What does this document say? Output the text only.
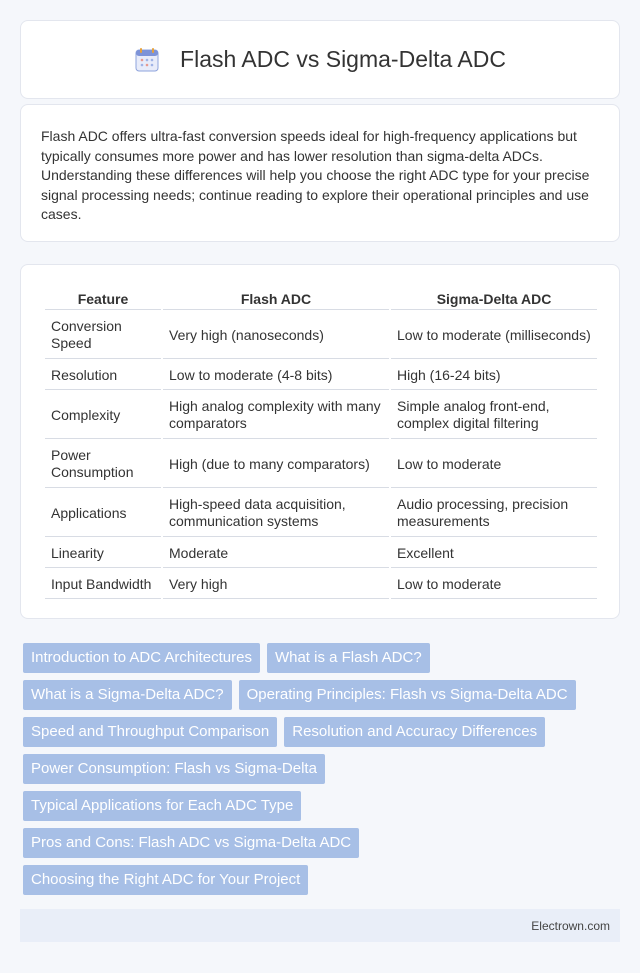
Flash ADC vs Sigma-Delta ADC

Flash ADC offers ultra-fast conversion speeds ideal for high-frequency applications but typically consumes more power and has lower resolution than sigma-delta ADCs. Understanding these differences will help you choose the right ADC type for your precise signal processing needs; continue reading to explore their operational principles and use cases.

Feature	Flash ADC	Sigma-Delta ADC
Conversion Speed	Very high (nanoseconds)	Low to moderate (milliseconds)
Resolution	Low to moderate (4-8 bits)	High (16-24 bits)
Complexity	High analog complexity with many comparators	Simple analog front-end, complex digital filtering
Power Consumption	High (due to many comparators)	Low to moderate
Applications	High-speed data acquisition, communication systems	Audio processing, precision measurements
Linearity	Moderate	Excellent
Input Bandwidth	Very high	Low to moderate
Introduction to ADC Architectures	What is a Flash ADC?
What is a Sigma-Delta ADC?	Operating Principles: Flash vs Sigma-Delta ADC
Speed and Throughput Comparison	Resolution and Accuracy Differences
Power Consumption: Flash vs Sigma-Delta
Typical Applications for Each ADC Type
Pros and Cons: Flash ADC vs Sigma-Delta ADC
Choosing the Right ADC for Your Project
Electrown.com
